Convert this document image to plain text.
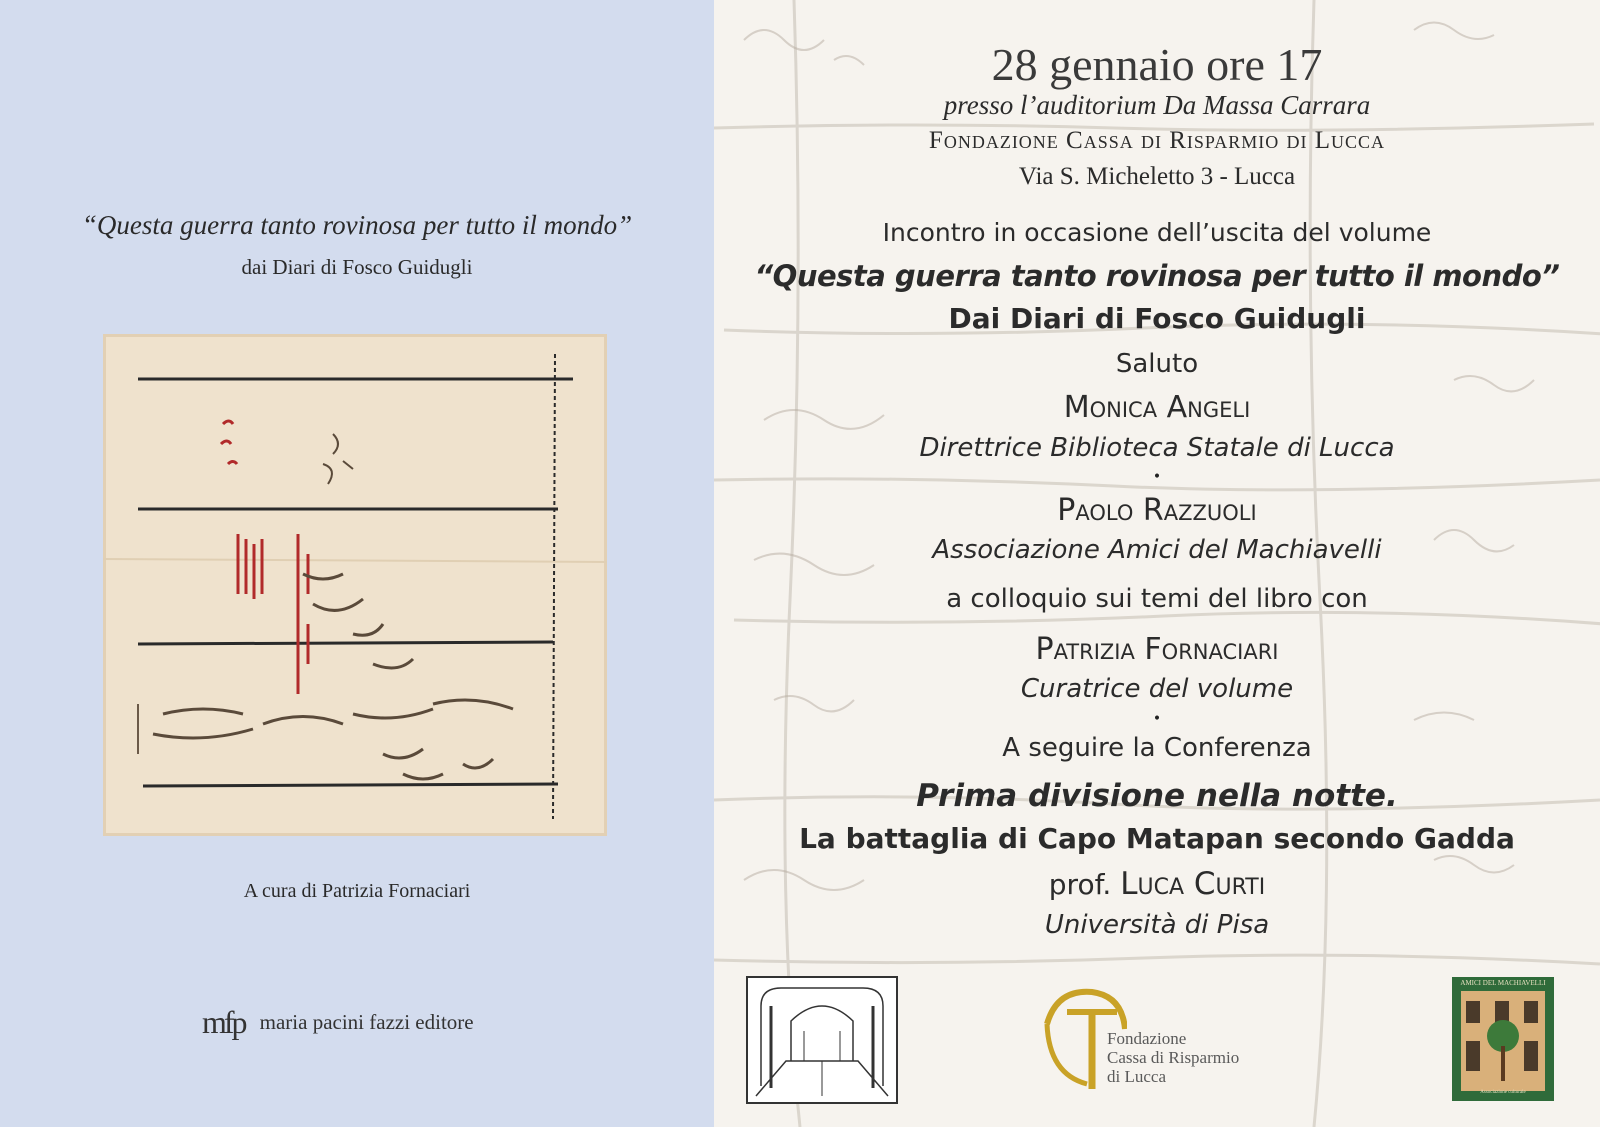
“Questa guerra tanto rovinosa per tutto il mondo”
dai Diari di Fosco Guidugli
A cura di Patrizia Fornaciari
mfp maria pacini fazzi editore
28 gennaio ore 17
presso l’auditorium Da Massa Carrara
Fondazione Cassa di Risparmio di Lucca
Via S. Micheletto 3 - Lucca
Incontro in occasione dell’uscita del volume
“Questa guerra tanto rovinosa per tutto il mondo”
Dai Diari di Fosco Guidugli
Saluto
Monica Angeli
Direttrice Biblioteca Statale di Lucca
•
Paolo Razzuoli
Associazione Amici del Machiavelli
a colloquio sui temi del libro con
Patrizia Fornaciari
Curatrice del volume
•
A seguire la Conferenza
Prima divisione nella notte.
La battaglia di Capo Matapan secondo Gadda
prof. Luca Curti
Università di Pisa
Fondazione
Cassa di Risparmio
di Lucca
AMICI DEL MACHIAVELLI
Associazione culturale
